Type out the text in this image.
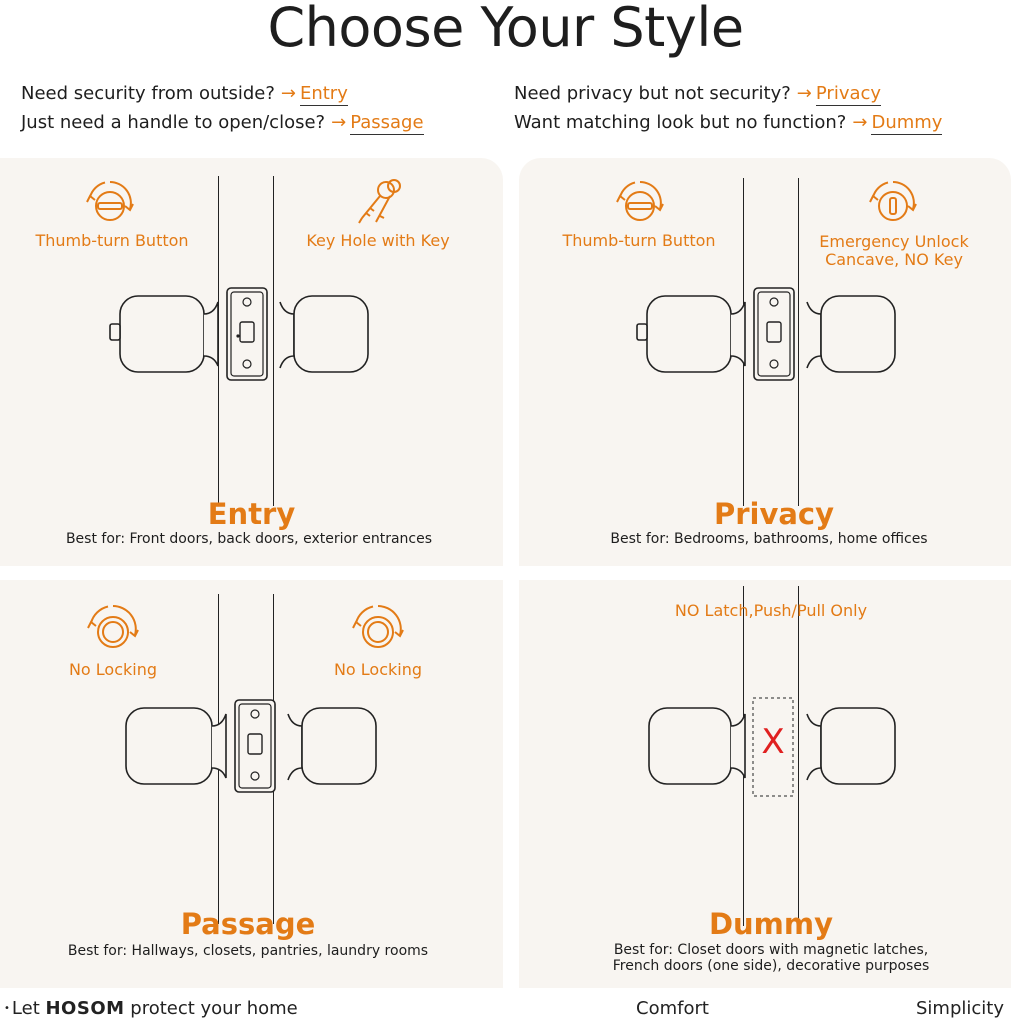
Choose Your Style
Need security from outside? → Entry
Just need a handle to open/close? → Passage
Need privacy but not security? → Privacy
Want matching look but no function? → Dummy
Thumb-turn Button	Key Hole with Key
Entry
Best for: Front doors, back doors, exterior entrances
Thumb-turn Button	Emergency Unlock
Cancave, NO Key
Privacy
Best for: Bedrooms, bathrooms, home offices
No Locking	No Locking
Passage
Best for: Hallways, closets, pantries, laundry rooms
NO Latch,Push/Pull Only
X
Dummy
Best for: Closet doors with magnetic latches,
French doors (one side), decorative purposes
• Let HOSOM protect your home	Comfort	Simplicity
